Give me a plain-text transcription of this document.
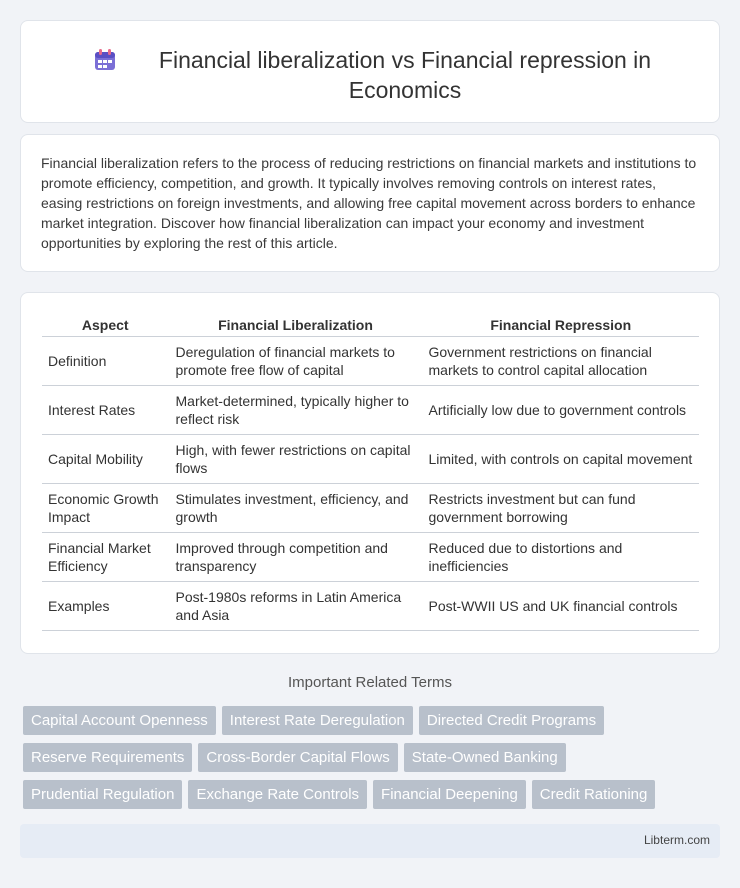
Financial liberalization vs Financial repression in Economics

Financial liberalization refers to the process of reducing restrictions on financial markets and institutions to promote efficiency, competition, and growth. It typically involves removing controls on interest rates, easing restrictions on foreign investments, and allowing free capital movement across borders to enhance market integration. Discover how financial liberalization can impact your economy and investment opportunities by exploring the rest of this article.

Aspect	Financial Liberalization	Financial Repression
Definition	Deregulation of financial markets to promote free flow of capital	Government restrictions on financial markets to control capital allocation
Interest Rates	Market-determined, typically higher to reflect risk	Artificially low due to government controls
Capital Mobility	High, with fewer restrictions on capital flows	Limited, with controls on capital movement
Economic Growth Impact	Stimulates investment, efficiency, and growth	Restricts investment but can fund government borrowing
Financial Market Efficiency	Improved through competition and transparency	Reduced due to distortions and inefficiencies
Examples	Post-1980s reforms in Latin America and Asia	Post-WWII US and UK financial controls
Important Related Terms
Capital Account Openness	Interest Rate Deregulation	Directed Credit Programs
Reserve Requirements	Cross-Border Capital Flows	State-Owned Banking
Prudential Regulation	Exchange Rate Controls	Financial Deepening	Credit Rationing
Libterm.com
